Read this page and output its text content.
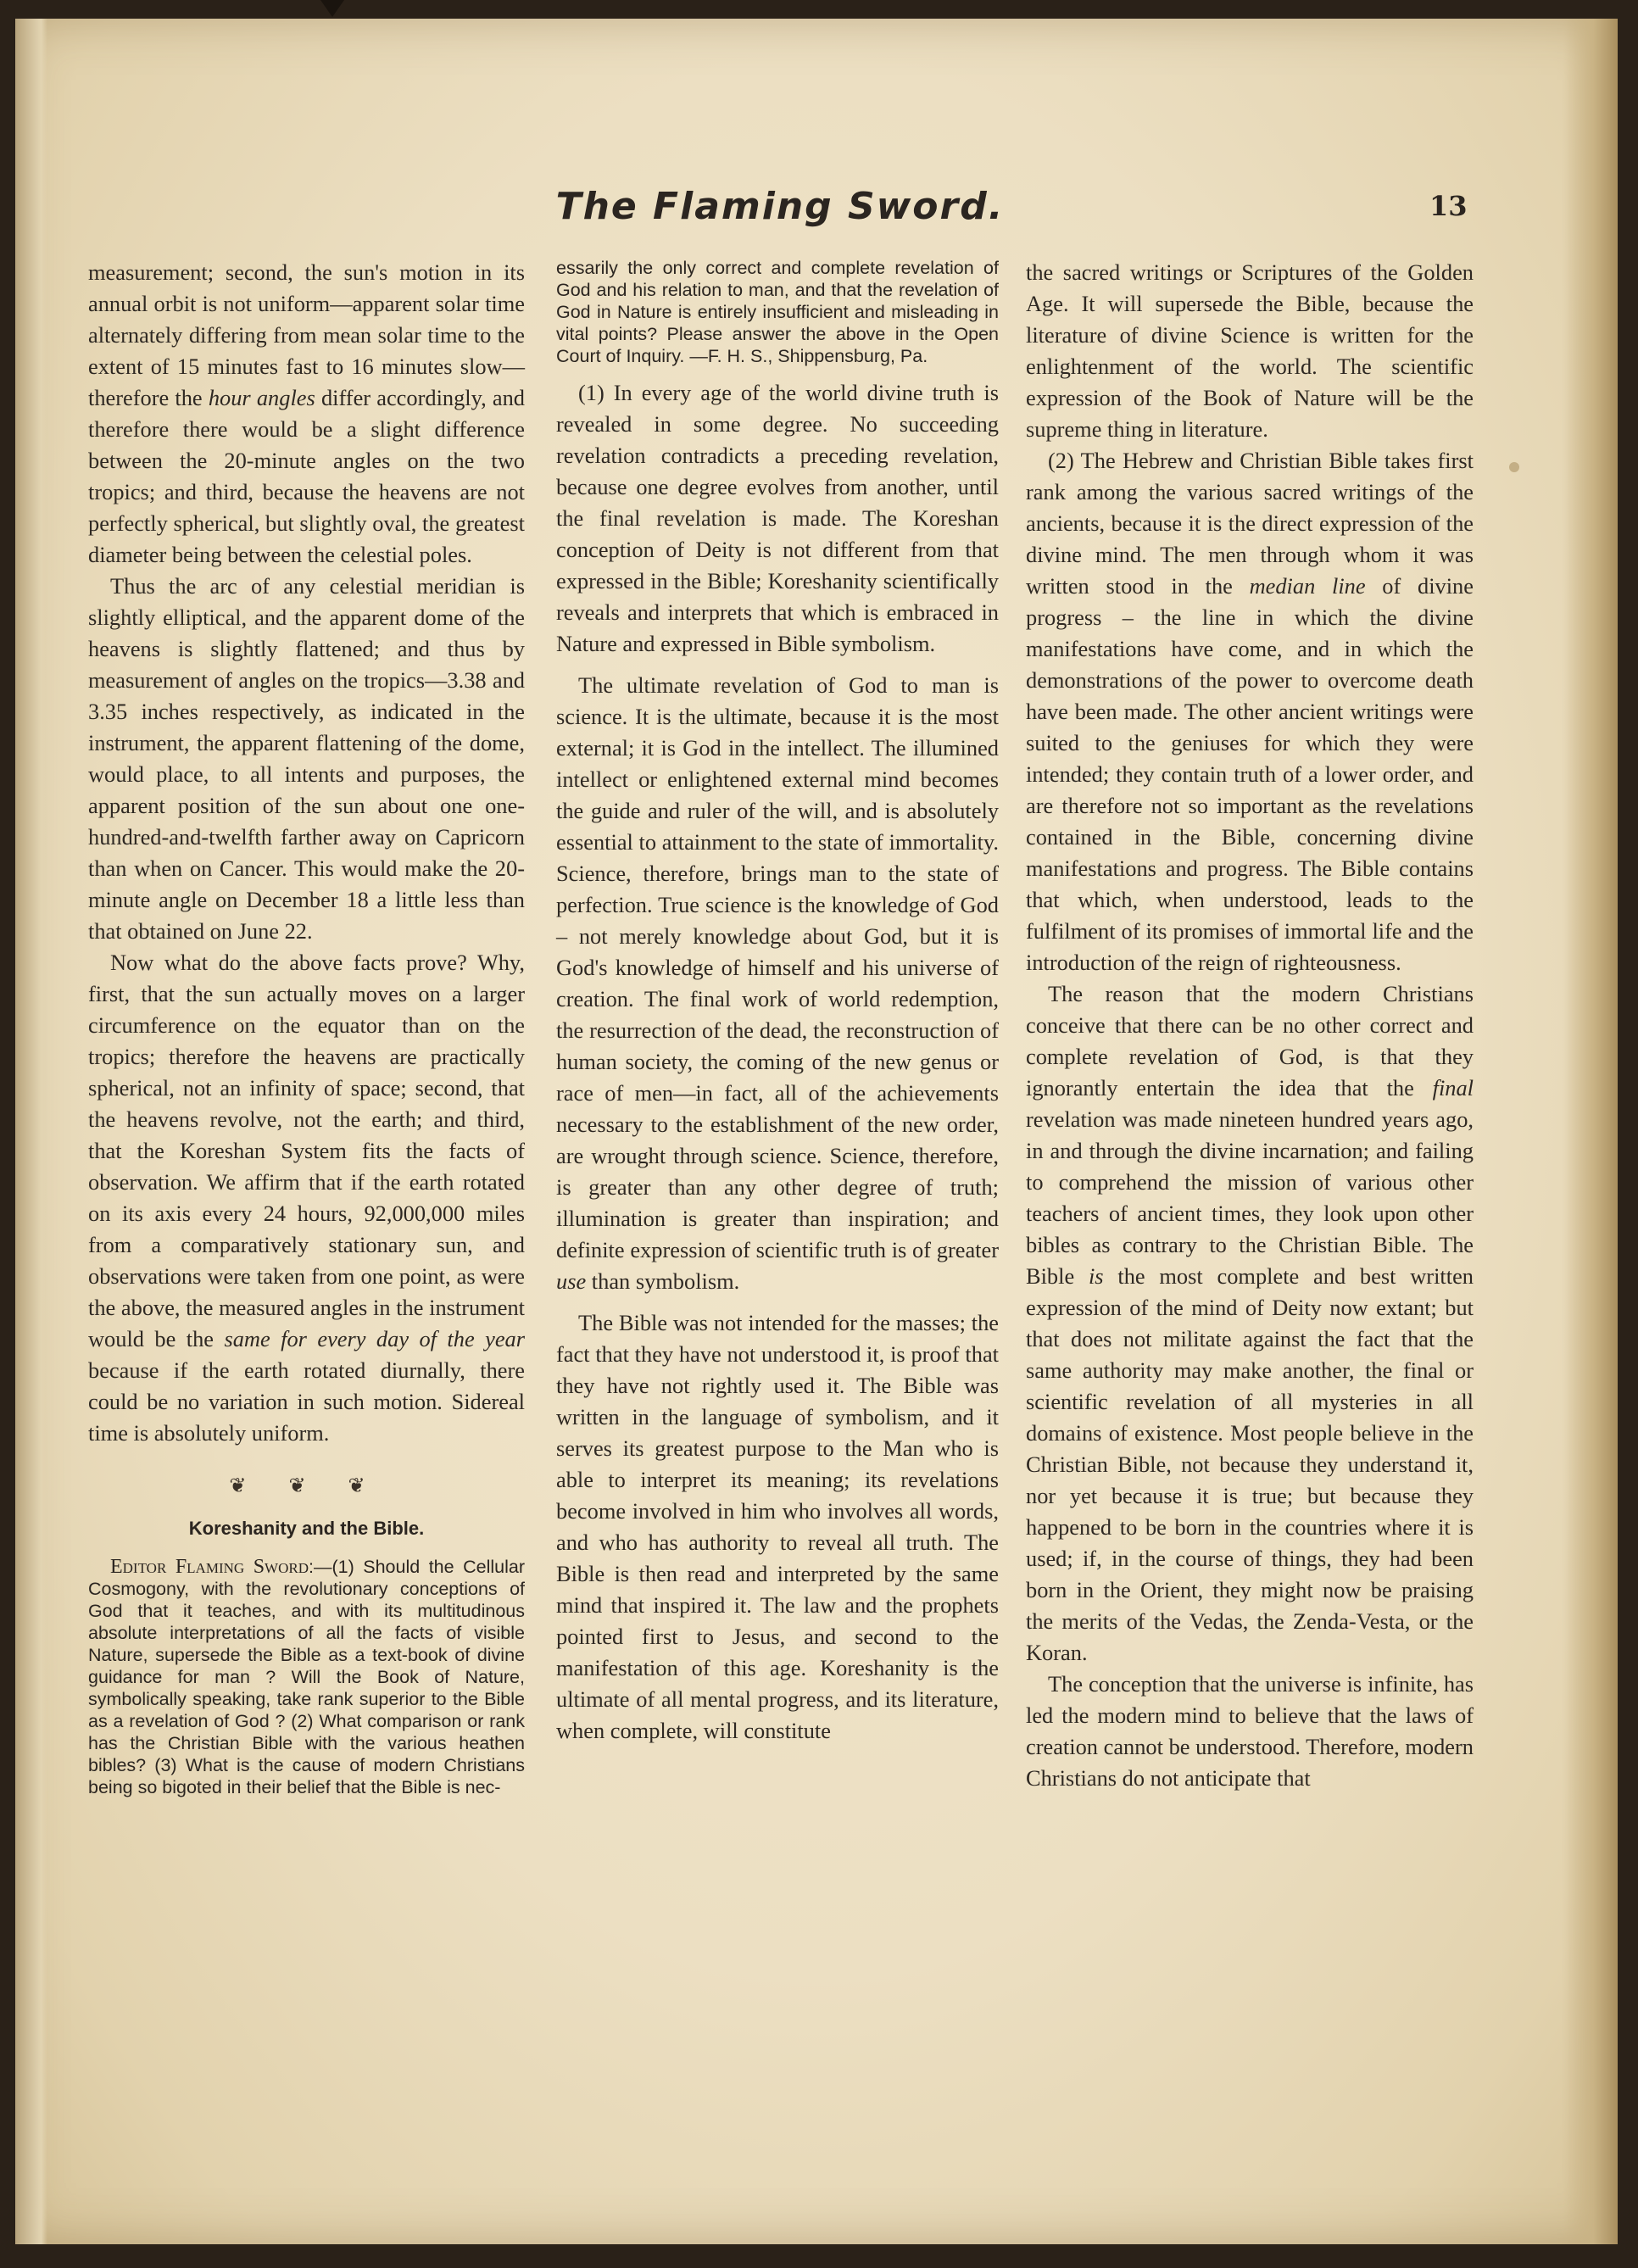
The Flaming Sword.	13

measurement; second, the sun's motion in its annual orbit is not uniform—apparent solar time alternately differing from mean solar time to the extent of 15 minutes fast to 16 minutes slow—therefore the hour angles differ accordingly, and therefore there would be a slight difference between the 20-minute angles on the two tropics; and third, because the heavens are not perfectly spherical, but slightly oval, the greatest diameter being between the celestial poles.

Thus the arc of any celestial meridian is slightly elliptical, and the apparent dome of the heavens is slightly flattened; and thus by measurement of angles on the tropics—3.38 and 3.35 inches respectively, as indicated in the instrument, the apparent flattening of the dome, would place, to all intents and purposes, the apparent position of the sun about one one-hundred-and-twelfth farther away on Capricorn than when on Cancer. This would make the 20-minute angle on December 18 a little less than that obtained on June 22.

Now what do the above facts prove? Why, first, that the sun actually moves on a larger circumference on the equator than on the tropics; therefore the heavens are practically spherical, not an infinity of space; second, that the heavens revolve, not the earth; and third, that the Koreshan System fits the facts of observation. We affirm that if the earth rotated on its axis every 24 hours, 92,000,000 miles from a comparatively stationary sun, and observations were taken from one point, as were the above, the measured angles in the instrument would be the same for every day of the year because if the earth rotated diurnally, there could be no variation in such motion. Sidereal time is absolutely uniform.

❦ ❦ ❦
Koreshanity and the Bible.

Editor Flaming Sword:—(1) Should the Cellular Cosmogony, with the revolutionary conceptions of God that it teaches, and with its multitudinous absolute interpretations of all the facts of visible Nature, supersede the Bible as a text-book of divine guidance for man ? Will the Book of Nature, symbolically speaking, take rank superior to the Bible as a revelation of God ? (2) What comparison or rank has the Christian Bible with the various heathen bibles? (3) What is the cause of modern Christians being so bigoted in their belief that the Bible is nec-

essarily the only correct and complete revelation of God and his relation to man, and that the revelation of God in Nature is entirely insufficient and misleading in vital points? Please answer the above in the Open Court of Inquiry. —F. H. S., Shippensburg, Pa.

(1) In every age of the world divine truth is revealed in some degree. No succeeding revelation contradicts a preceding revelation, because one degree evolves from another, until the final revelation is made. The Koreshan conception of Deity is not different from that expressed in the Bible; Koreshanity scientifically reveals and interprets that which is embraced in Nature and expressed in Bible symbolism.

The ultimate revelation of God to man is science. It is the ultimate, because it is the most external; it is God in the intellect. The illumined intellect or enlightened external mind becomes the guide and ruler of the will, and is absolutely essential to attainment to the state of immortality. Science, therefore, brings man to the state of perfection. True science is the knowledge of God – not merely knowledge about God, but it is God's knowledge of himself and his universe of creation. The final work of world redemption, the resurrection of the dead, the reconstruction of human society, the coming of the new genus or race of men—in fact, all of the achievements necessary to the establishment of the new order, are wrought through science. Science, therefore, is greater than any other degree of truth; illumination is greater than inspiration; and definite expression of scientific truth is of greater use than symbolism.

The Bible was not intended for the masses; the fact that they have not understood it, is proof that they have not rightly used it. The Bible was written in the language of symbolism, and it serves its greatest purpose to the Man who is able to interpret its meaning; its revelations become involved in him who involves all words, and who has authority to reveal all truth. The Bible is then read and interpreted by the same mind that inspired it. The law and the prophets pointed first to Jesus, and second to the manifestation of this age. Koreshanity is the ultimate of all mental progress, and its literature, when complete, will constitute

the sacred writings or Scriptures of the Golden Age. It will supersede the Bible, because the literature of divine Science is written for the enlightenment of the world. The scientific expression of the Book of Nature will be the supreme thing in literature.

(2) The Hebrew and Christian Bible takes first rank among the various sacred writings of the ancients, because it is the direct expression of the divine mind. The men through whom it was written stood in the median line of divine progress – the line in which the divine manifestations have come, and in which the demonstrations of the power to overcome death have been made. The other ancient writings were suited to the geniuses for which they were intended; they contain truth of a lower order, and are therefore not so important as the revelations contained in the Bible, concerning divine manifestations and progress. The Bible contains that which, when understood, leads to the fulfilment of its promises of immortal life and the introduction of the reign of righteousness.

The reason that the modern Christians conceive that there can be no other correct and complete revelation of God, is that they ignorantly entertain the idea that the final revelation was made nineteen hundred years ago, in and through the divine incarnation; and failing to comprehend the mission of various other teachers of ancient times, they look upon other bibles as contrary to the Christian Bible. The Bible is the most complete and best written expression of the mind of Deity now extant; but that does not militate against the fact that the same authority may make another, the final or scientific revelation of all mysteries in all domains of existence. Most people believe in the Christian Bible, not because they understand it, nor yet because it is true; but because they happened to be born in the countries where it is used; if, in the course of things, they had been born in the Orient, they might now be praising the merits of the Vedas, the Zenda-Vesta, or the Koran.

The conception that the universe is infinite, has led the modern mind to believe that the laws of creation cannot be understood. Therefore, modern Christians do not anticipate that
